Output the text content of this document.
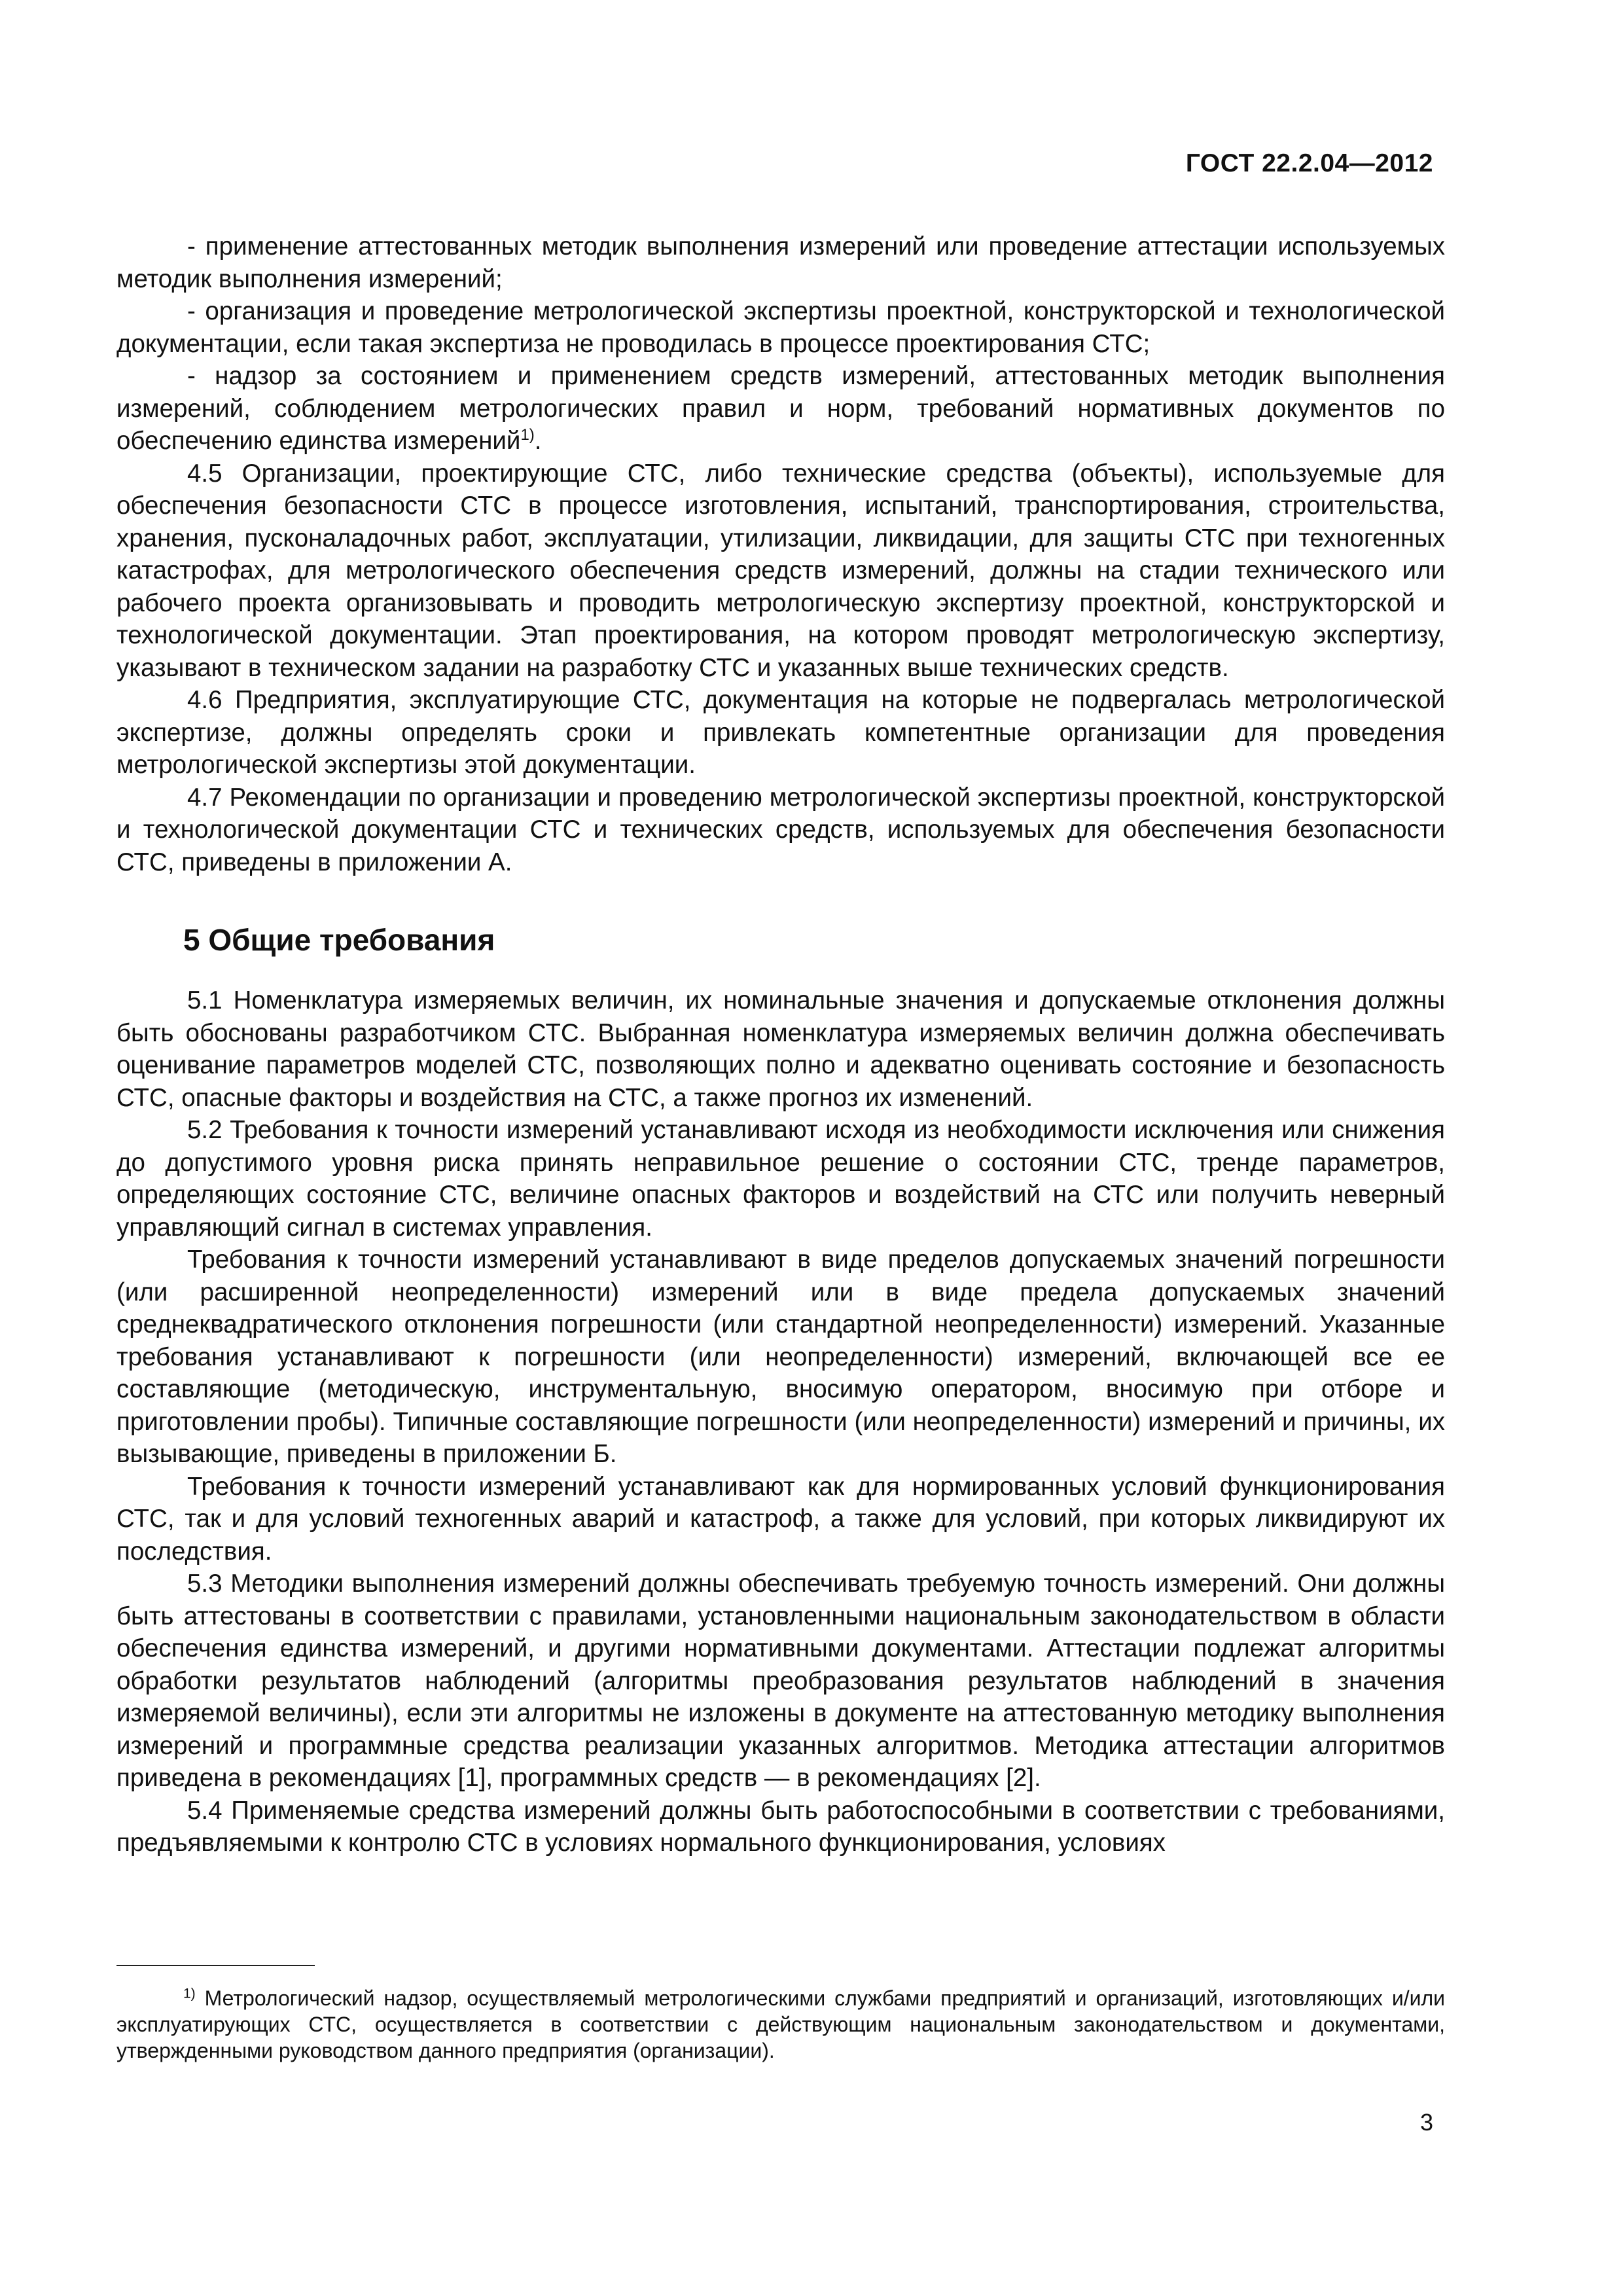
ГОСТ 22.2.04—2012

- применение аттестованных методик выполнения измерений или проведение аттестации используемых методик выполнения измерений;

- организация и проведение метрологической экспертизы проектной, конструкторской и технологической документации, если такая экспертиза не проводилась в процессе проектирования СТС;

- надзор за состоянием и применением средств измерений, аттестованных методик выполнения измерений, соблюдением метрологических правил и норм, требований нормативных документов по обеспечению единства измерений$^{1)}$.

4.5 Организации, проектирующие СТС, либо технические средства (объекты), используемые для обеспечения безопасности СТС в процессе изготовления, испытаний, транспортирования, строительства, хранения, пусконаладочных работ, эксплуатации, утилизации, ликвидации, для защиты СТС при техногенных катастрофах, для метрологического обеспечения средств измерений, должны на стадии технического или рабочего проекта организовывать и проводить метрологическую экспертизу проектной, конструкторской и технологической документации. Этап проектирования, на котором проводят метрологическую экспертизу, указывают в техническом задании на разработку СТС и указанных выше технических средств.

4.6 Предприятия, эксплуатирующие СТС, документация на которые не подвергалась метрологической экспертизе, должны определять сроки и привлекать компетентные организации для проведения метрологической экспертизы этой документации.

4.7 Рекомендации по организации и проведению метрологической экспертизы проектной, конструкторской и технологической документации СТС и технических средств, используемых для обеспечения безопасности СТС, приведены в приложении А.

5 Общие требования

5.1 Номенклатура измеряемых величин, их номинальные значения и допускаемые отклонения должны быть обоснованы разработчиком СТС. Выбранная номенклатура измеряемых величин должна обеспечивать оценивание параметров моделей СТС, позволяющих полно и адекватно оценивать состояние и безопасность СТС, опасные факторы и воздействия на СТС, а также прогноз их изменений.

5.2 Требования к точности измерений устанавливают исходя из необходимости исключения или снижения до допустимого уровня риска принять неправильное решение о состоянии СТС, тренде параметров, определяющих состояние СТС, величине опасных факторов и воздействий на СТС или получить неверный управляющий сигнал в системах управления.

Требования к точности измерений устанавливают в виде пределов допускаемых значений погрешности (или расширенной неопределенности) измерений или в виде предела допускаемых значений среднеквадратического отклонения погрешности (или стандартной неопределенности) измерений. Указанные требования устанавливают к погрешности (или неопределенности) измерений, включающей все ее составляющие (методическую, инструментальную, вносимую оператором, вносимую при отборе и приготовлении пробы). Типичные составляющие погрешности (или неопределенности) измерений и причины, их вызывающие, приведены в приложении Б.

Требования к точности измерений устанавливают как для нормированных условий функционирования СТС, так и для условий техногенных аварий и катастроф, а также для условий, при которых ликвидируют их последствия.

5.3 Методики выполнения измерений должны обеспечивать требуемую точность измерений. Они должны быть аттестованы в соответствии с правилами, установленными национальным законодательством в области обеспечения единства измерений, и другими нормативными документами. Аттестации подлежат алгоритмы обработки результатов наблюдений (алгоритмы преобразования результатов наблюдений в значения измеряемой величины), если эти алгоритмы не изложены в документе на аттестованную методику выполнения измерений и программные средства реализации указанных алгоритмов. Методика аттестации алгоритмов приведена в рекомендациях [1], программных средств — в рекомендациях [2].

5.4 Применяемые средства измерений должны быть работоспособными в соответствии с требованиями, предъявляемыми к контролю СТС в условиях нормального функционирования, условиях

$^{1)}$ Метрологический надзор, осуществляемый метрологическими службами предприятий и организаций, изготовляющих и/или эксплуатирующих СТС, осуществляется в соответствии с действующим национальным законодательством и документами, утвержденными руководством данного предприятия (организации).

3
